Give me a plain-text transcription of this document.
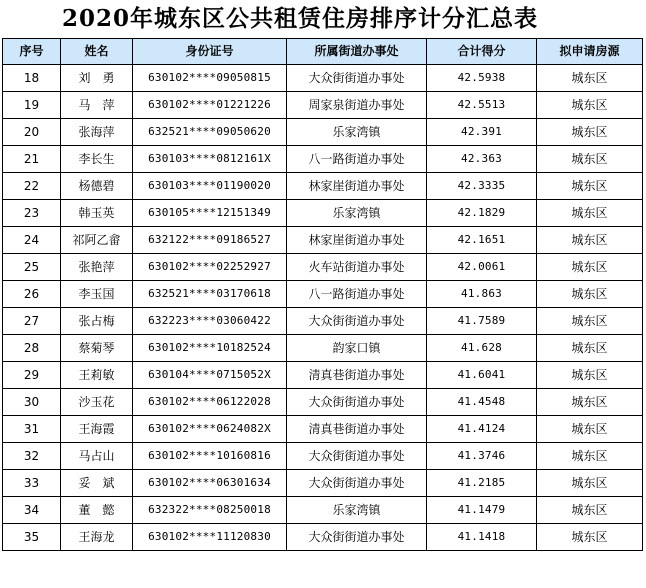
2020年城东区公共租赁住房排序计分汇总表
序号	姓名	身份证号	所属街道办事处	合计得分	拟申请房源
18	刘　勇	630102****09050815	大众街街道办事处	42.5938	城东区
19	马　萍	630102****01221226	周家泉街道办事处	42.5513	城东区
20	张海萍	632521****09050620	乐家湾镇	42.391	城东区
21	李长生	630103****0812161X	八一路街道办事处	42.363	城东区
22	杨德碧	630103****01190020	林家崖街道办事处	42.3335	城东区
23	韩玉英	630105****12151349	乐家湾镇	42.1829	城东区
24	祁阿乙畲	632122****09186527	林家崖街道办事处	42.1651	城东区
25	张艳萍	630102****02252927	火车站街道办事处	42.0061	城东区
26	李玉国	632521****03170618	八一路街道办事处	41.863	城东区
27	张占梅	632223****03060422	大众街街道办事处	41.7589	城东区
28	蔡菊琴	630102****10182524	韵家口镇	41.628	城东区
29	王莉敏	630104****0715052X	清真巷街道办事处	41.6041	城东区
30	沙玉花	630102****06122028	大众街街道办事处	41.4548	城东区
31	王海霞	630102****0624082X	清真巷街道办事处	41.4124	城东区
32	马占山	630102****10160816	大众街街道办事处	41.3746	城东区
33	妥　斌	630102****06301634	大众街街道办事处	41.2185	城东区
34	董　懿	632322****08250018	乐家湾镇	41.1479	城东区
35	王海龙	630102****11120830	大众街街道办事处	41.1418	城东区
